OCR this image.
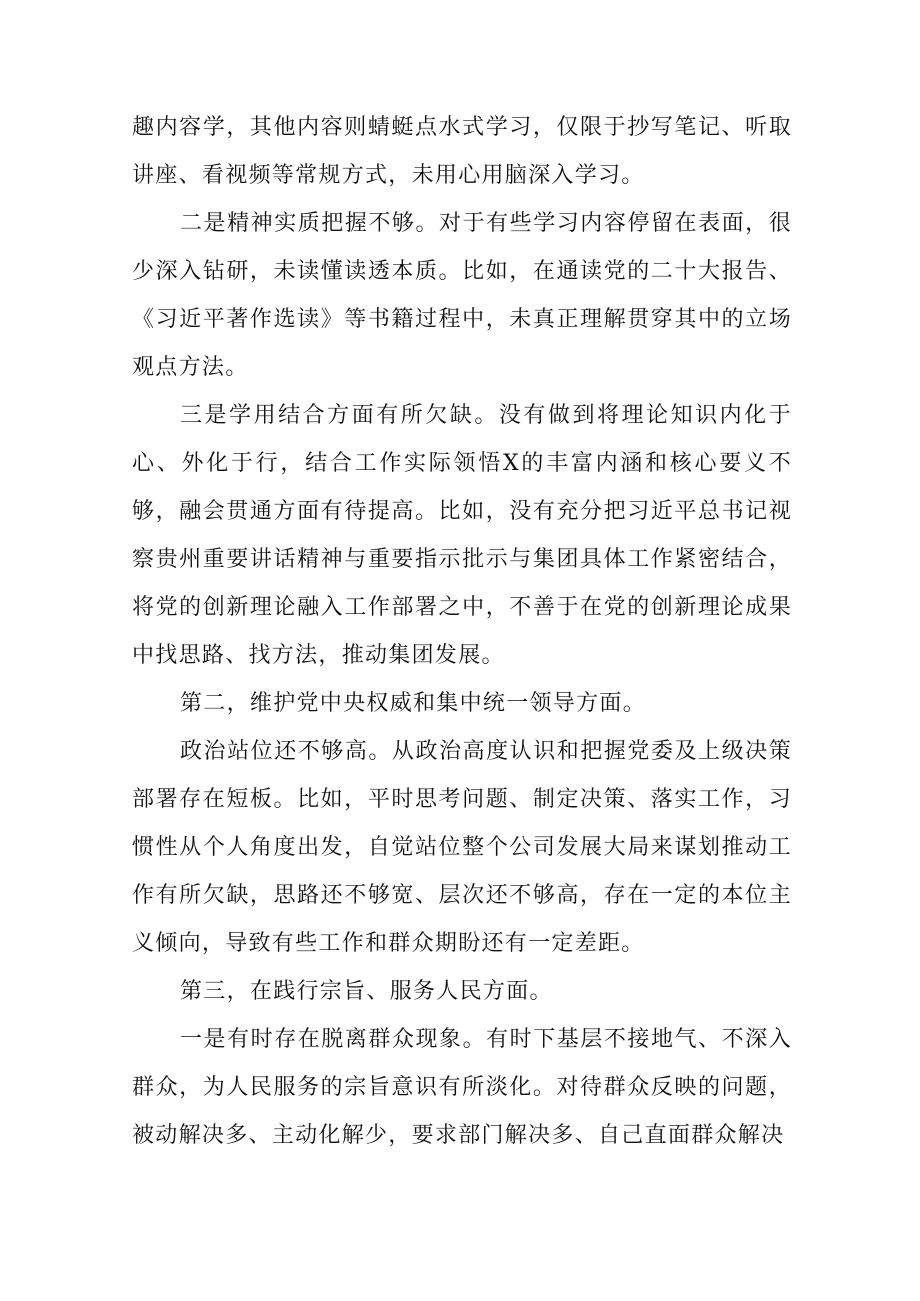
趣内容学，其他内容则蜻蜓点水式学习，仅限于抄写笔记、听取讲座、看视频等常规方式，未用心用脑深入学习。

二是精神实质把握不够。对于有些学习内容停留在表面，很少深入钻研，未读懂读透本质。比如，在通读党的二十大报告、《习近平著作选读》等书籍过程中，未真正理解贯穿其中的立场观点方法。

三是学用结合方面有所欠缺。没有做到将理论知识内化于心、外化于行，结合工作实际领悟X的丰富内涵和核心要义不够，融会贯通方面有待提高。比如，没有充分把习近平总书记视察贵州重要讲话精神与重要指示批示与集团具体工作紧密结合，将党的创新理论融入工作部署之中，不善于在党的创新理论成果中找思路、找方法，推动集团发展。

第二，维护党中央权威和集中统一领导方面。

政治站位还不够高。从政治高度认识和把握党委及上级决策部署存在短板。比如，平时思考问题、制定决策、落实工作，习惯性从个人角度出发，自觉站位整个公司发展大局来谋划推动工作有所欠缺，思路还不够宽、层次还不够高，存在一定的本位主义倾向，导致有些工作和群众期盼还有一定差距。

第三，在践行宗旨、服务人民方面。

一是有时存在脱离群众现象。有时下基层不接地气、不深入群众，为人民服务的宗旨意识有所淡化。对待群众反映的问题，被动解决多、主动化解少，要求部门解决多、自己直面群众解决
